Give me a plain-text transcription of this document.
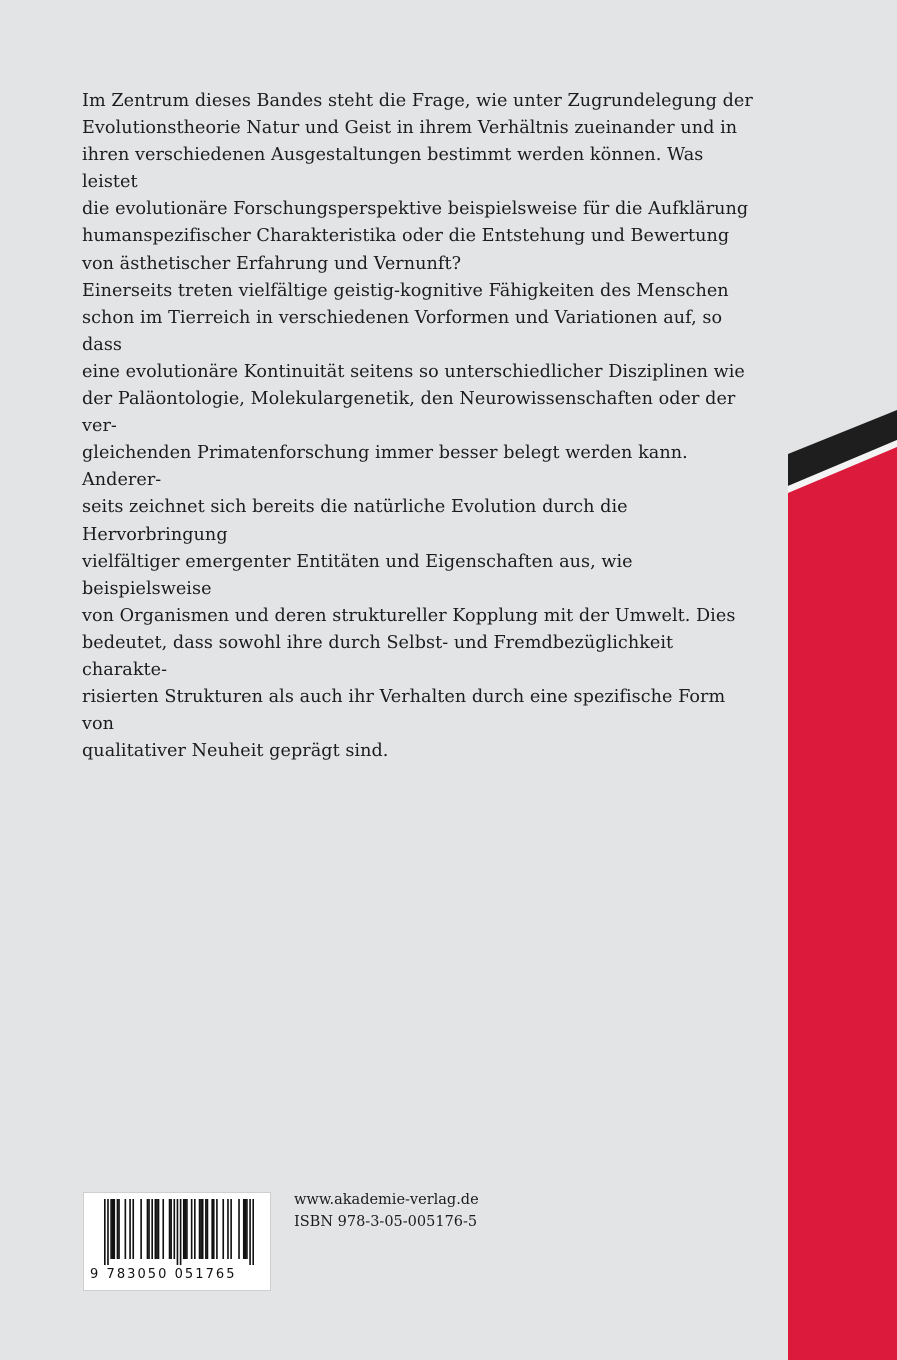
Im Zentrum dieses Bandes steht die Frage, wie unter Zugrundelegung der
Evolutionstheorie Natur und Geist in ihrem Verhältnis zueinander und in
ihren verschiedenen Ausgestaltungen bestimmt werden können. Was leistet
die evolutionäre Forschungsperspektive beispielsweise für die Aufklärung
humanspezifischer Charakteristika oder die Entstehung und Bewertung
von ästhetischer Erfahrung und Vernunft?

Einerseits treten vielfältige geistig-kognitive Fähigkeiten des Menschen
schon im Tierreich in verschiedenen Vorformen und Variationen auf, so dass
eine evolutionäre Kontinuität seitens so unterschiedlicher Disziplinen wie
der Paläontologie, Molekulargenetik, den Neurowissenschaften oder der ver-
gleichenden Primatenforschung immer besser belegt werden kann. Anderer-
seits zeichnet sich bereits die natürliche Evolution durch die Hervorbringung
vielfältiger emergenter Entitäten und Eigenschaften aus, wie beispielsweise
von Organismen und deren struktureller Kopplung mit der Umwelt. Dies
bedeutet, dass sowohl ihre durch Selbst- und Fremdbezüglichkeit charakte-
risierten Strukturen als auch ihr Verhalten durch eine spezifische Form von
qualitativer Neuheit geprägt sind.

9 783050 051765
www.akademie-verlag.de
ISBN 978-3-05-005176-5
